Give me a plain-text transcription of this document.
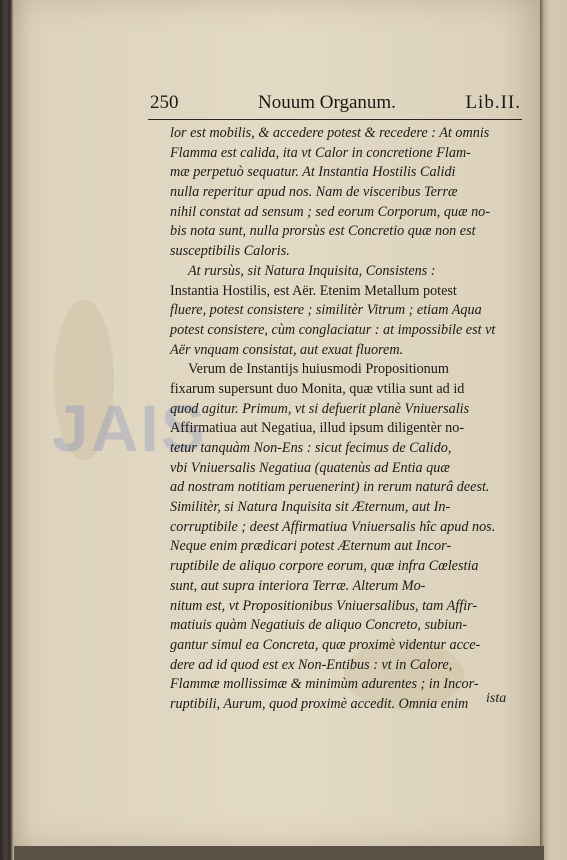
250	Nouum Organum.	Lib.II.
JAIS
lor est mobilis, & accedere potest & recedere : At omnis
Flamma est calida, ita vt Calor in concretione Flam-
mæ perpetuò sequatur. At Instantia Hostilis Calidi
nulla reperitur apud nos. Nam de visceribus Terræ
nihil constat ad sensum ; sed eorum Corporum, quæ no-
bis nota sunt, nulla prorsùs est Concretio quæ non est
susceptibilis Caloris.
At rursùs, sit Natura Inquisita, Consistens :
Instantia Hostilis, est Aër. Etenim Metallum potest
fluere, potest consistere ; similitèr Vitrum ; etiam Aqua
potest consistere, cùm conglaciatur : at impossibile est vt
Aër vnquam consistat, aut exuat fluorem.
Verum de Instantijs huiusmodi Propositionum
fixarum supersunt duo Monita, quæ vtilia sunt ad id
quod agitur. Primum, vt si defuerit planè Vniuersalis
Affirmatiua aut Negatiua, illud ipsum diligentèr no-
tetur tanquàm Non-Ens : sicut fecimus de Calido,
vbi Vniuersalis Negatiua (quatenùs ad Entia quæ
ad nostram notitiam peruenerint) in rerum naturâ deest.
Similitèr, si Natura Inquisita sit Æternum, aut In-
corruptibile ; deest Affirmatiua Vniuersalis hîc apud nos.
Neque enim prædicari potest Æternum aut Incor-
ruptibile de aliquo corpore eorum, quæ infra Cœlestia
sunt, aut supra interiora Terræ. Alterum Mo-
nitum est, vt Propositionibus Vniuersalibus, tam Affir-
matiuis quàm Negatiuis de aliquo Concreto, subiun-
gantur simul ea Concreta, quæ proximè videntur acce-
dere ad id quod est ex Non-Entibus : vt in Calore,
Flammæ mollissimæ & minimùm adurentes ; in Incor-
ruptibili, Aurum, quod proximè accedit. Omnia enim	ista
